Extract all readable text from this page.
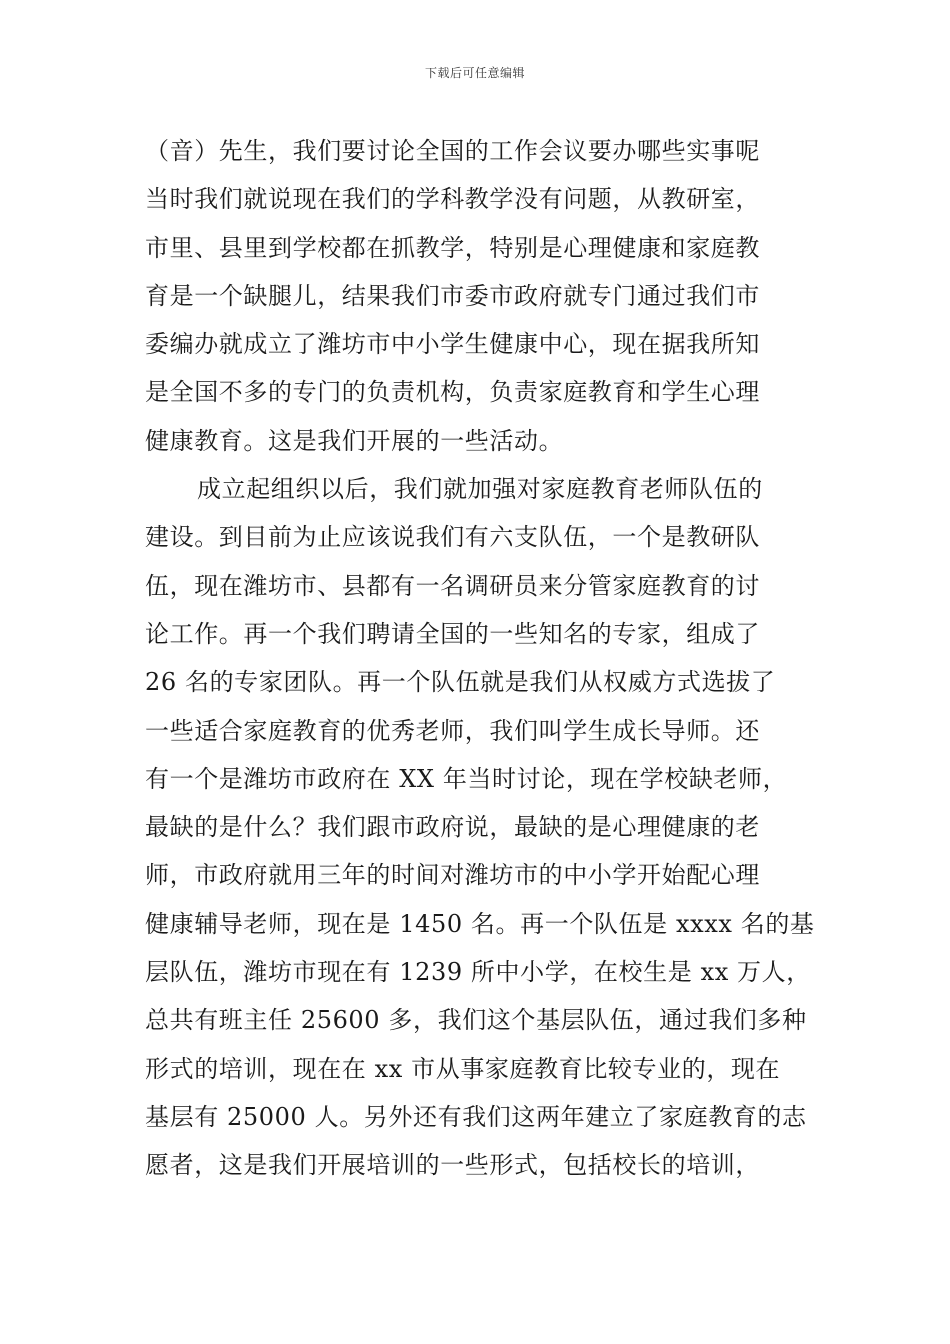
下载后可任意编辑
（音）先生，我们要讨论全国的工作会议要办哪些实事呢
当时我们就说现在我们的学科教学没有问题，从教研室，
市里、县里到学校都在抓教学，特别是心理健康和家庭教
育是一个缺腿儿，结果我们市委市政府就专门通过我们市
委编办就成立了潍坊市中小学生健康中心，现在据我所知
是全国不多的专门的负责机构，负责家庭教育和学生心理
健康教育。这是我们开展的一些活动。
成立起组织以后，我们就加强对家庭教育老师队伍的
建设。到目前为止应该说我们有六支队伍，一个是教研队
伍，现在潍坊市、县都有一名调研员来分管家庭教育的讨
论工作。再一个我们聘请全国的一些知名的专家，组成了
26 名的专家团队。再一个队伍就是我们从权威方式选拔了
一些适合家庭教育的优秀老师，我们叫学生成长导师。还
有一个是潍坊市政府在 XX 年当时讨论，现在学校缺老师，
最缺的是什么？我们跟市政府说，最缺的是心理健康的老
师，市政府就用三年的时间对潍坊市的中小学开始配心理
健康辅导老师，现在是 1450 名。再一个队伍是 xxxx 名的基
层队伍，潍坊市现在有 1239 所中小学，在校生是 xx 万人，
总共有班主任 25600 多，我们这个基层队伍，通过我们多种
形式的培训，现在在 xx 市从事家庭教育比较专业的，现在
基层有 25000 人。另外还有我们这两年建立了家庭教育的志
愿者，这是我们开展培训的一些形式，包括校长的培训，
